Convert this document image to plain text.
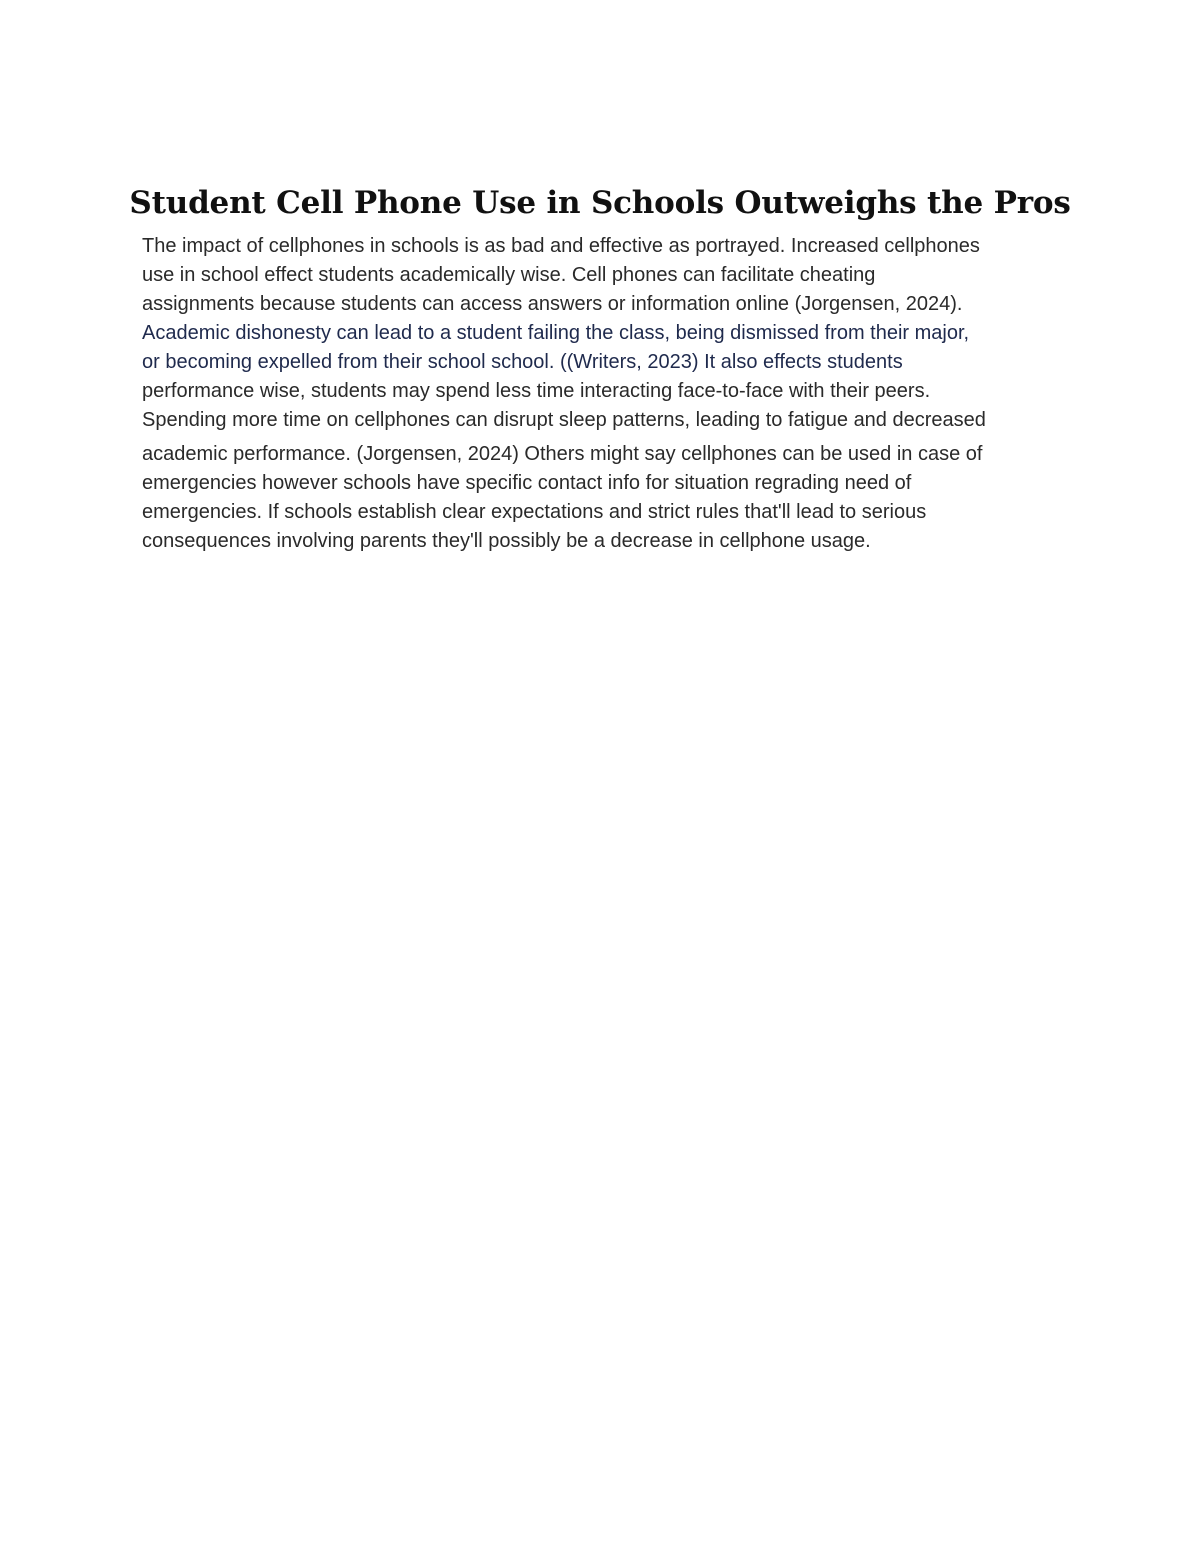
Student Cell Phone Use in Schools Outweighs the Pros
The impact of cellphones in schools is as bad and effective as portrayed. Increased cellphones
use in school effect students academically wise. Cell phones can facilitate cheating
assignments because students can access answers or information online (Jorgensen, 2024).
Academic dishonesty can lead to a student failing the class, being dismissed from their major,
or becoming expelled from their school school. ((Writers, 2023) It also effects students
performance wise, students may spend less time interacting face-to-face with their peers.
Spending more time on cellphones can disrupt sleep patterns, leading to fatigue and decreased
academic performance. (Jorgensen, 2024) Others might say cellphones can be used in case of
emergencies however schools have specific contact info for situation regrading need of
emergencies. If schools establish clear expectations and strict rules that'll lead to serious
consequences involving parents they'll possibly be a decrease in cellphone usage.
